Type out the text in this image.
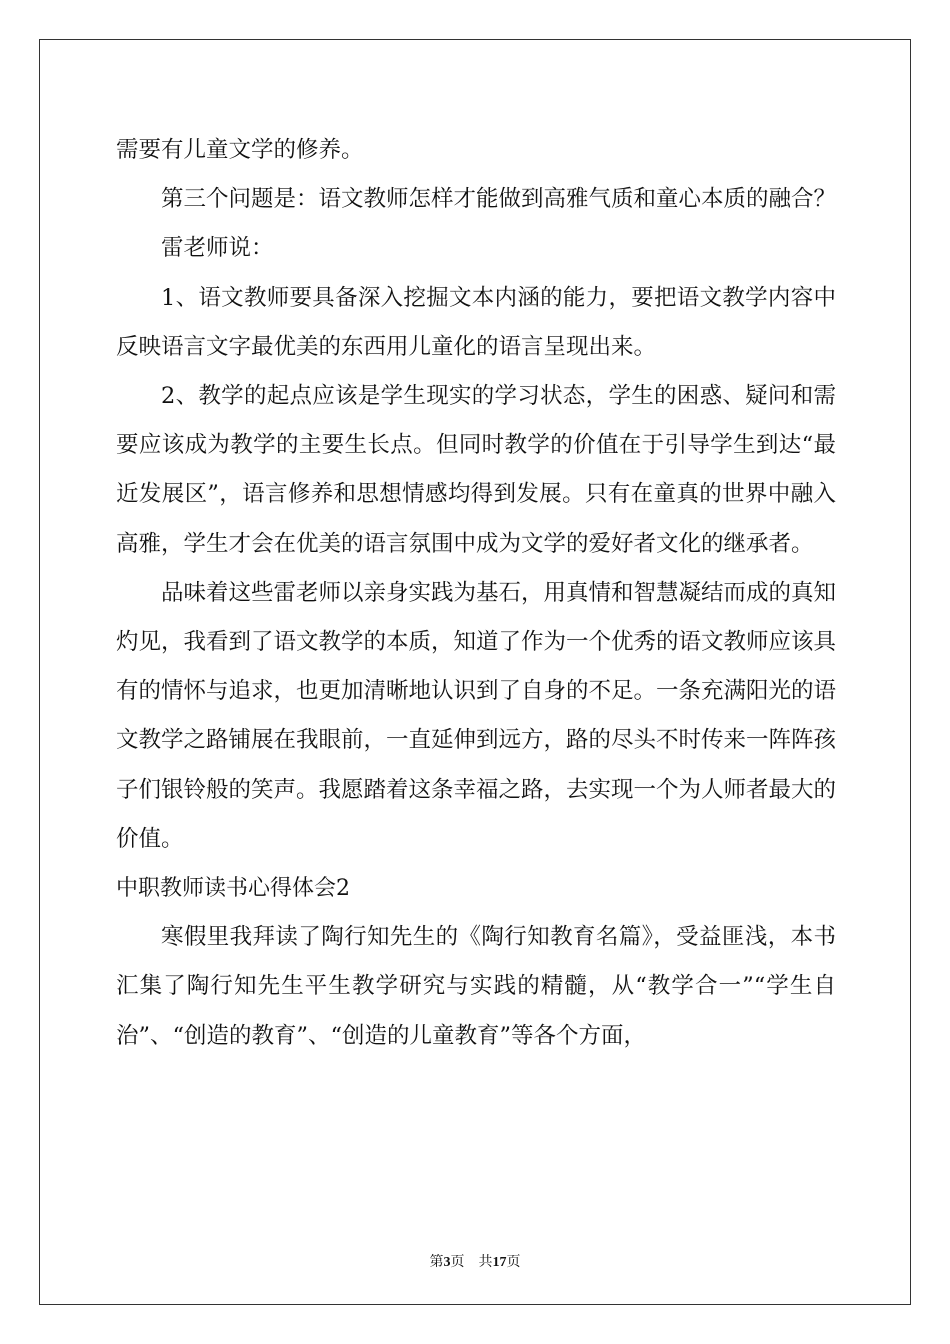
需要有儿童文学的修养。

第三个问题是：语文教师怎样才能做到高雅气质和童心本质的融合？

雷老师说：

1、语文教师要具备深入挖掘文本内涵的能力，要把语文教学内容中反映语言文字最优美的东西用儿童化的语言呈现出来。

2、教学的起点应该是学生现实的学习状态，学生的困惑、疑问和需要应该成为教学的主要生长点。但同时教学的价值在于引导学生到达“最近发展区”，语言修养和思想情感均得到发展。只有在童真的世界中融入高雅，学生才会在优美的语言氛围中成为文学的爱好者文化的继承者。

品味着这些雷老师以亲身实践为基石，用真情和智慧凝结而成的真知灼见，我看到了语文教学的本质，知道了作为一个优秀的语文教师应该具有的情怀与追求，也更加清晰地认识到了自身的不足。一条充满阳光的语文教学之路铺展在我眼前，一直延伸到远方，路的尽头不时传来一阵阵孩子们银铃般的笑声。我愿踏着这条幸福之路，去实现一个为人师者最大的价值。

中职教师读书心得体会2

寒假里我拜读了陶行知先生的《陶行知教育名篇》，受益匪浅，本书汇集了陶行知先生平生教学研究与实践的精髓，从“教学合一”“学生自治”、“创造的教育”、“创造的儿童教育”等各个方面，

第3页　共17页
